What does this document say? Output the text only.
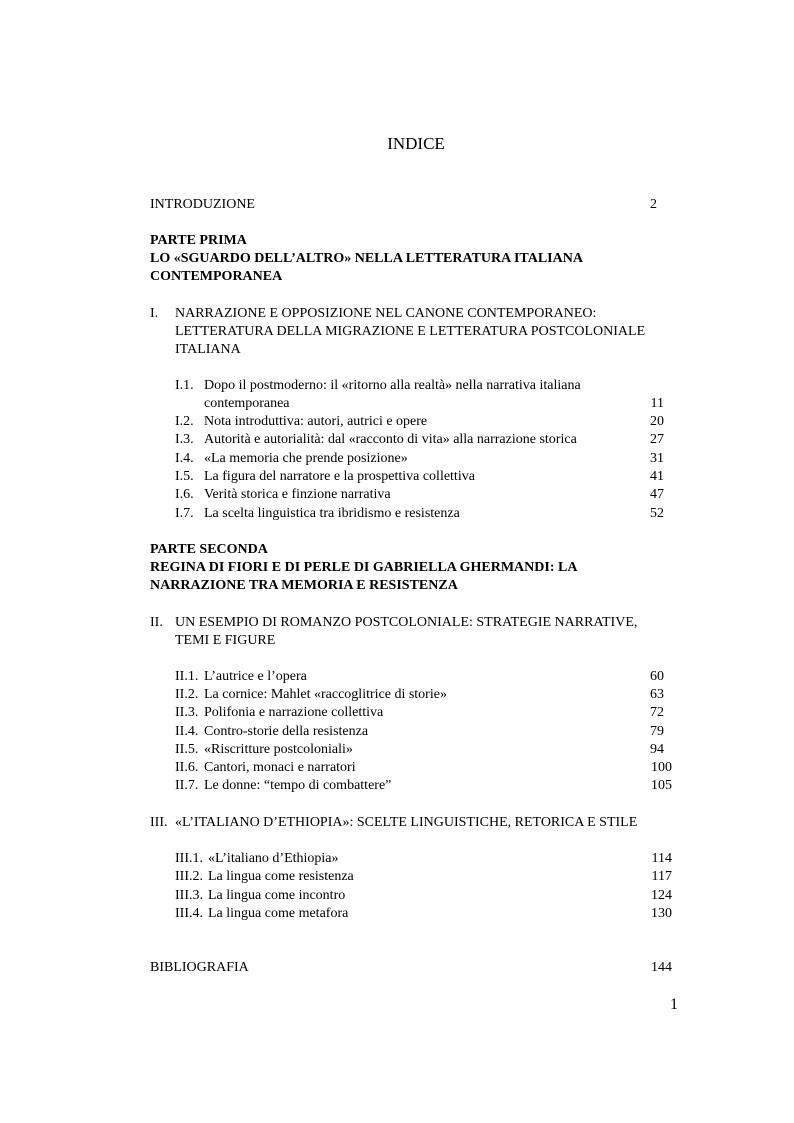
INDICE
INTRODUZIONE	2
PARTE PRIMA
LO «SGUARDO DELL’ALTRO» NELLA LETTERATURA ITALIANA
CONTEMPORANEA
I. NARRAZIONE E OPPOSIZIONE NEL CANONE CONTEMPORANEO:
LETTERATURA DELLA MIGRAZIONE E LETTERATURA POSTCOLONIALE
ITALIANA
I.1. Dopo il postmoderno: il «ritorno alla realtà» nella narrativa italiana
contemporanea	11
I.2. Nota introduttiva: autori, autrici e opere	20
I.3. Autorità e autorialità: dal «racconto di vita» alla narrazione storica	27
I.4. «La memoria che prende posizione»	31
I.5. La figura del narratore e la prospettiva collettiva	41
I.6. Verità storica e finzione narrativa	47
I.7. La scelta linguistica tra ibridismo e resistenza	52
PARTE SECONDA
REGINA DI FIORI E DI PERLE DI GABRIELLA GHERMANDI: LA
NARRAZIONE TRA MEMORIA E RESISTENZA
II. UN ESEMPIO DI ROMANZO POSTCOLONIALE: STRATEGIE NARRATIVE,
TEMI E FIGURE
II.1. L’autrice e l’opera	60
II.2. La cornice: Mahlet «raccoglitrice di storie»	63
II.3. Polifonia e narrazione collettiva	72
II.4. Contro-storie della resistenza	79
II.5. «Riscritture postcoloniali»	94
II.6. Cantori, monaci e narratori	100
II.7. Le donne: “tempo di combattere”	105
III. «L’ITALIANO D’ETHIOPIA»: SCELTE LINGUISTICHE, RETORICA E STILE
III.1. «L’italiano d’Ethiopia»	114
III.2. La lingua come resistenza	117
III.3. La lingua come incontro	124
III.4. La lingua come metafora	130
BIBLIOGRAFIA	144
1
